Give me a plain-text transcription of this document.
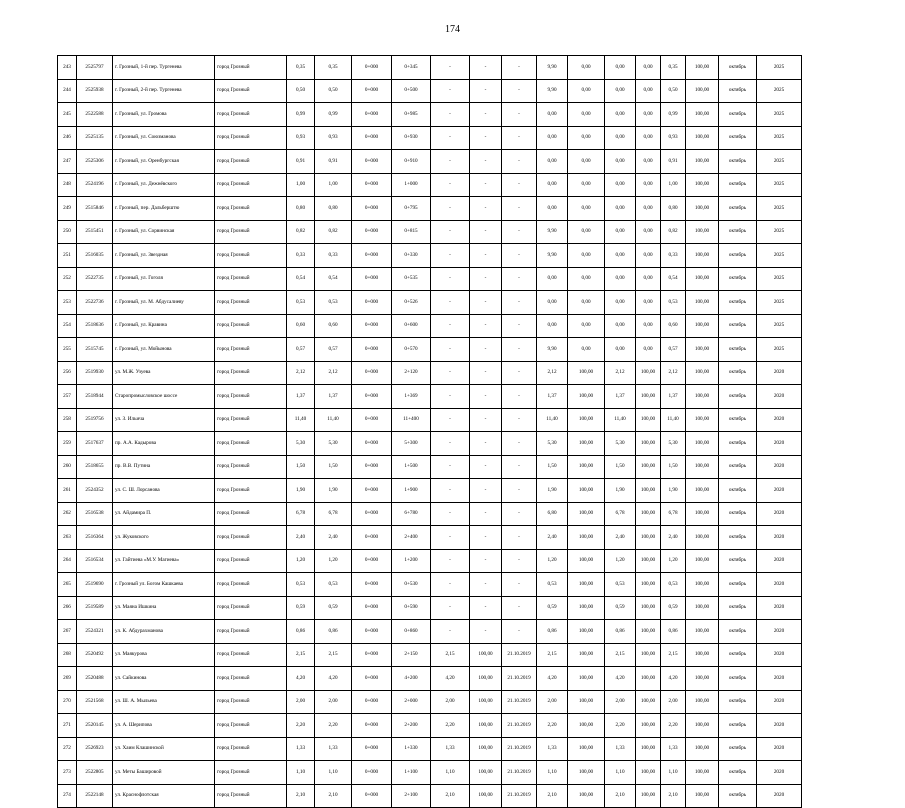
174
243	2525797	г. Грозный, 1-й пер. Тургенева	город Грозный	0,35	0,35	0+000	0+345	-	-	-	9,90	0,00	0,00	0,00	0,35	100,00	октябрь	2025
244	2525938	г. Грозный, 2-й пер. Тургенева	город Грозный	0,50	0,50	0+000	0+500	-	-	-	9,90	0,00	0,00	0,00	0,50	100,00	октябрь	2025
245	2522588	г. Грозный, ул. Громова	город Грозный	0,99	0,99	0+000	0+985	-	-	-	0,00	0,00	0,00	0,00	0,99	100,00	октябрь	2025
246	2525135	г. Грозный, ул. Союзманова	город Грозный	0,93	0,93	0+000	0+930	-	-	-	0,00	0,00	0,00	0,00	0,93	100,00	октябрь	2025
247	2525306	г. Грозный, ул. Оренбургская	город Грозный	0,91	0,91	0+000	0+910	-	-	-	0,00	0,00	0,00	0,00	0,91	100,00	октябрь	2025
248	2524196	г. Грозный, ул. Дежнёвского	город Грозный	1,00	1,00	0+000	1+000	-	-	-	0,00	0,00	0,00	0,00	1,00	100,00	октябрь	2025
249	2515846	г. Грозный, пер. Дальберштю	город Грозный	0,80	0,80	0+000	0+795	-	-	-	0,00	0,00	0,00	0,00	0,80	100,00	октябрь	2025
250	2515451	г. Грозный, ул. Сорвинская	город Грозный	0,82	0,82	0+000	0+815	-	-	-	9,90	0,00	0,00	0,00	0,82	100,00	октябрь	2025
251	2516035	г. Грозный, ул. Звездная	город Грозный	0,33	0,33	0+000	0+330	-	-	-	9,90	0,00	0,00	0,00	0,33	100,00	октябрь	2025
252	2522735	г. Грозный, ул. Гоголя	город Грозный	0,54	0,54	0+000	0+535	-	-	-	0,00	0,00	0,00	0,00	0,54	100,00	октябрь	2025
253	2522736	г. Грозный, ул. М. Абдусалиеву	город Грозный	0,53	0,53	0+000	0+526	-	-	-	0,00	0,00	0,00	0,00	0,53	100,00	октябрь	2025
254	2518636	г. Грозный, ул. Кравина	город Грозный	0,60	0,60	0+000	0+600	-	-	-	0,00	0,00	0,00	0,00	0,60	100,00	октябрь	2025
255	2515745	г. Грозный, ул. Мойынова	город Грозный	0,57	0,57	0+000	0+570	-	-	-	9,90	0,00	0,00	0,00	0,57	100,00	октябрь	2025
256	2519930	ул. М.Ж. Узуева	город Грозный	2,12	2,12	0+000	2+120	-	-	-	2,12	100,00	2,12	100,00	2,12	100,00	октябрь	2020
257	2518944	Старопромысловское шоссе	город Грозный	1,37	1,37	0+000	1+369	-	-	-	1,37	100,00	1,37	100,00	1,37	100,00	октябрь	2020
258	2519756	ул. З. Ильича	город Грозный	11,40	11,40	0+000	11+400	-	-	-	11,40	100,00	11,40	100,00	11,40	100,00	октябрь	2020
259	2517637	пр. А.А. Кадырова	город Грозный	5,30	5,30	0+000	5+300	-	-	-	5,30	100,00	5,30	100,00	5,30	100,00	октябрь	2020
260	2518655	пр. В.В. Путина	город Грозный	1,50	1,50	0+000	1+500	-	-	-	1,50	100,00	1,50	100,00	1,50	100,00	октябрь	2020
261	2524352	ул. С. Ш. Лорсанова	город Грозный	1,90	1,90	0+000	1+900	-	-	-	1,90	100,00	1,90	100,00	1,90	100,00	октябрь	2020
262	2516538	ул. Айдамира П.	город Грозный	6,78	6,78	0+000	6+780	-	-	-	6,80	100,00	6,78	100,00	6,78	100,00	октябрь	2020
263	2516364	ул. Жуковского	город Грозный	2,40	2,40	0+000	2+400	-	-	-	2,40	100,00	2,40	100,00	2,40	100,00	октябрь	2020
264	2516534	ул. Гайтиева «М.У. Магиева»	город Грозный	1,20	1,20	0+000	1+200	-	-	-	1,20	100,00	1,20	100,00	1,20	100,00	октябрь	2020
265	2519690	г. Грозный ул. Богом Кашкаева	город Грозный	0,53	0,53	0+000	0+530	-	-	-	0,53	100,00	0,53	100,00	0,53	100,00	октябрь	2020
266	2519589	ул. Маяна Ишкина	город Грозный	0,59	0,59	0+000	0+590	-	-	-	0,59	100,00	0,59	100,00	0,59	100,00	октябрь	2020
267	2524321	ул. К. Абдурахманова	город Грозный	0,86	0,86	0+000	0+860	-	-	-	0,86	100,00	0,86	100,00	0,86	100,00	октябрь	2020
268	2520492	ул. Маякурова	город Грозный	2,15	2,15	0+000	2+150	2,15	100,00	21.10.2019	2,15	100,00	2,15	100,00	2,15	100,00	октябрь	2020
269	2520488	ул. Сайкинова	город Грозный	4,20	4,20	0+000	4+200	4,20	100,00	21.10.2019	4,20	100,00	4,20	100,00	4,20	100,00	октябрь	2020
270	2521568	ул. Ш. А. Мыльева	город Грозный	2,00	2,00	0+000	2+000	2,00	100,00	21.10.2019	2,00	100,00	2,00	100,00	2,00	100,00	октябрь	2020
271	2520145	ул. А. Шерипова	город Грозный	2,20	2,20	0+000	2+200	2,20	100,00	21.10.2019	2,20	100,00	2,20	100,00	2,20	100,00	октябрь	2020
272	2526923	ул. Хаим Клашинской	город Грозный	1,33	1,33	0+000	1+330	1,33	100,00	21.10.2019	1,33	100,00	1,33	100,00	1,33	100,00	октябрь	2020
273	2522805	ул. Меты Башировой	город Грозный	1,10	1,10	0+000	1+100	1,10	100,00	21.10.2019	1,10	100,00	1,10	100,00	1,10	100,00	октябрь	2020
274	2522148	ул. Краснофлотская	город Грозный	2,10	2,10	0+000	2+100	2,10	100,00	21.10.2019	2,10	100,00	2,10	100,00	2,10	100,00	октябрь	2020
